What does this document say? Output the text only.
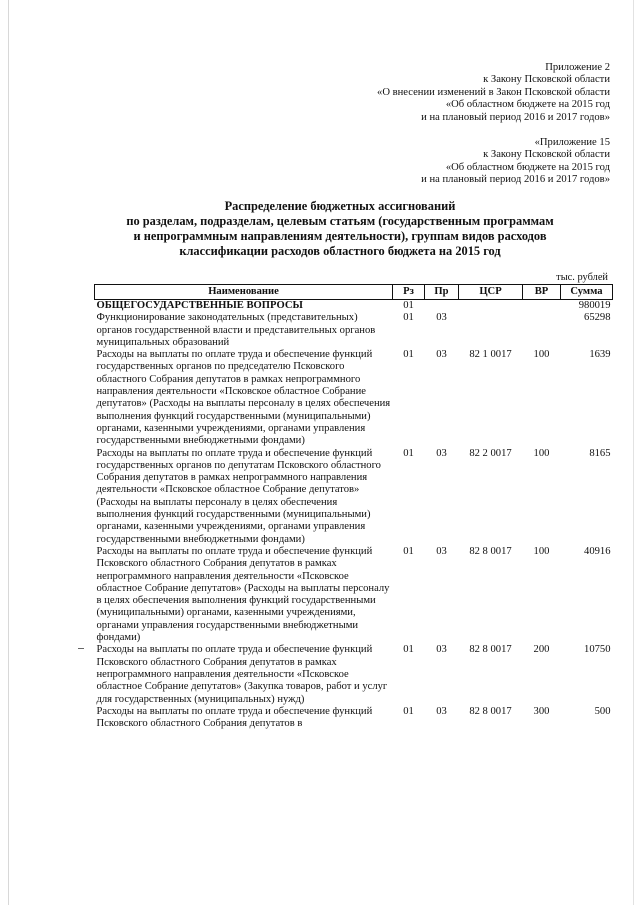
Приложение 2
к Закону Псковской области
«О внесении изменений в Закон Псковской области
«Об областном бюджете на 2015 год
и на плановый период 2016 и 2017 годов»
«Приложение 15
к Закону Псковской области
«Об областном бюджете на 2015 год
и на плановый период 2016 и 2017 годов»
Распределение бюджетных ассигнований
по разделам, подразделам, целевым статьям (государственным программам
и непрограммным направлениям деятельности), группам видов расходов
классификации расходов областного бюджета на 2015 год
тыс. рублей
Наименование	Рз	Пр	ЦСР	ВР	Сумма
ОБЩЕГОСУДАРСТВЕННЫЕ ВОПРОСЫ	01				980019
Функционирование законодательных (представительных) органов государственной власти и представительных органов муниципальных образований	01	03			65298
Расходы на выплаты по оплате труда и обеспечение функций государственных органов по председателю Псковского областного Собрания депутатов в рамках непрограммного направления деятельности «Псковское областное Собрание депутатов» (Расходы на выплаты персоналу в целях обеспечения выполнения функций государственными (муниципальными) органами, казенными учреждениями, органами управления государственными внебюджетными фондами)	01	03	82 1 0017	100	1639
Расходы на выплаты по оплате труда и обеспечение функций государственных органов по депутатам Псковского областного Собрания депутатов в рамках непрограммного направления деятельности «Псковское областное Собрание депутатов» (Расходы на выплаты персоналу в целях обеспечения выполнения функций государственными (муниципальными) органами, казенными учреждениями, органами управления государственными внебюджетными фондами)	01	03	82 2 0017	100	8165
Расходы на выплаты по оплате труда и обеспечение функций Псковского областного Собрания депутатов в рамках непрограммного направления деятельности «Псковское областное Собрание депутатов» (Расходы на выплаты персоналу в целях обеспечения выполнения функций государственными (муниципальными) органами, казенными учреждениями, органами управления государственными внебюджетными фондами)	01	03	82 8 0017	100	40916
Расходы на выплаты по оплате труда и обеспечение функций Псковского областного Собрания депутатов в рамках непрограммного направления деятельности «Псковское областное Собрание депутатов» (Закупка товаров, работ и услуг для государственных (муниципальных) нужд)	01	03	82 8 0017	200	10750
Расходы на выплаты по оплате труда и обеспечение функций Псковского областного Собрания депутатов в	01	03	82 8 0017	300	500
